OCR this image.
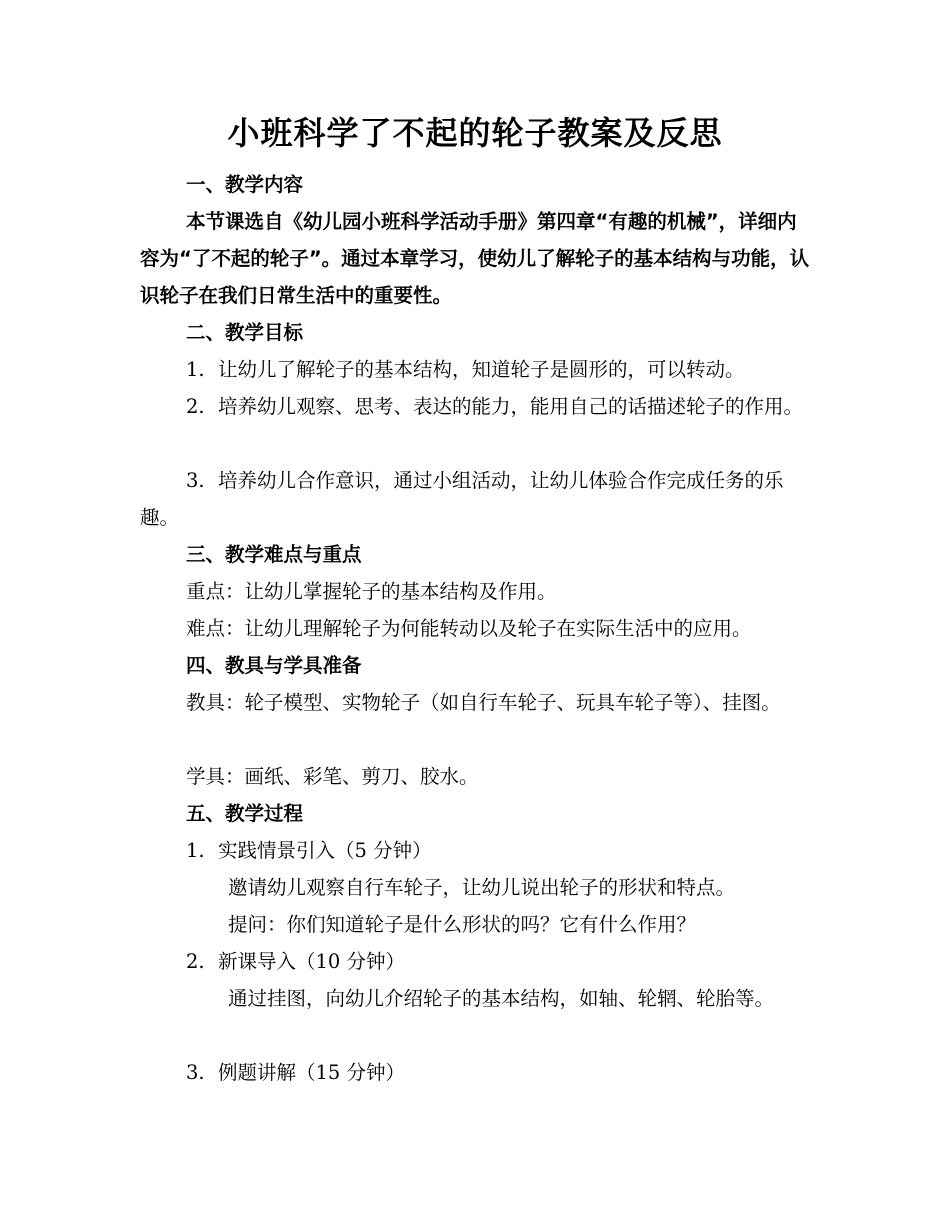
小班科学了不起的轮子教案及反思
一、教学内容
本节课选自《幼儿园小班科学活动手册》第四章“有趣的机械”，详细内容为“了不起的轮子”。通过本章学习，使幼儿了解轮子的基本结构与功能，认识轮子在我们日常生活中的重要性。
二、教学目标
1. 让幼儿了解轮子的基本结构，知道轮子是圆形的，可以转动。
2. 培养幼儿观察、思考、表达的能力，能用自己的话描述轮子的作用。
3. 培养幼儿合作意识，通过小组活动，让幼儿体验合作完成任务的乐趣。
三、教学难点与重点
重点：让幼儿掌握轮子的基本结构及作用。
难点：让幼儿理解轮子为何能转动以及轮子在实际生活中的应用。
四、教具与学具准备
教具：轮子模型、实物轮子（如自行车轮子、玩具车轮子等）、挂图。
学具：画纸、彩笔、剪刀、胶水。
五、教学过程
1. 实践情景引入（5 分钟）
邀请幼儿观察自行车轮子，让幼儿说出轮子的形状和特点。
提问：你们知道轮子是什么形状的吗？它有什么作用？
2. 新课导入（10 分钟）
通过挂图，向幼儿介绍轮子的基本结构，如轴、轮辋、轮胎等。
3. 例题讲解（15 分钟）
